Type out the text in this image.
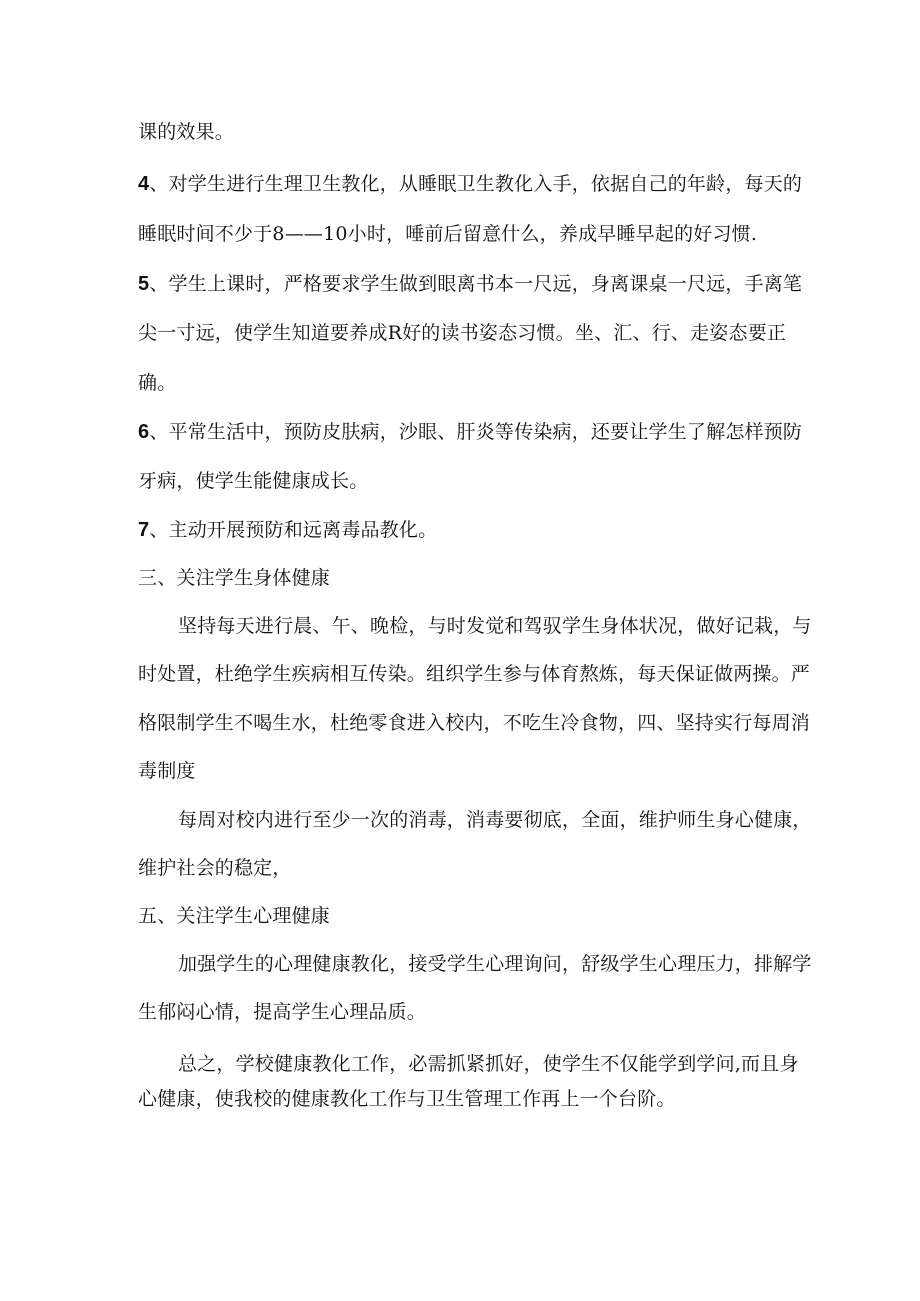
课的效果。
4、对学生进行生理卫生教化，从睡眠卫生教化入手，依据自己的年龄，每天的
睡眠时间不少于8——10小时，唾前后留意什么，养成早睡早起的好习惯.
5、学生上课时，严格要求学生做到眼离书本一尺远，身离课桌一尺远，手离笔
尖一寸远，使学生知道要养成R好的读书姿态习惯。坐、汇、行、走姿态要正
确。
6、平常生活中，预防皮肤病，沙眼、肝炎等传染病，还要让学生了解怎样预防
牙病，使学生能健康成长。
7、主动开展预防和远离毒品教化。
三、关注学生身体健康
坚持每天进行晨、午、晚检，与时发觉和驾驭学生身体状况，做好记栽，与
时处置，杜绝学生疾病相互传染。组织学生参与体育熬炼，每天保证做两操。严
格限制学生不喝生水，杜绝零食进入校内，不吃生冷食物，四、坚持实行每周消
毒制度
每周对校内进行至少一次的消毒，消毒要彻底，全面，维护师生身心健康，
维护社会的稳定，
五、关注学生心理健康
加强学生的心理健康教化，接受学生心理询问，舒级学生心理压力，排解学
生郁闷心情，提高学生心理品质。
总之，学校健康教化工作，必需抓紧抓好，使学生不仅能学到学问,而且身
心健康，使我校的健康教化工作与卫生管理工作再上一个台阶。
